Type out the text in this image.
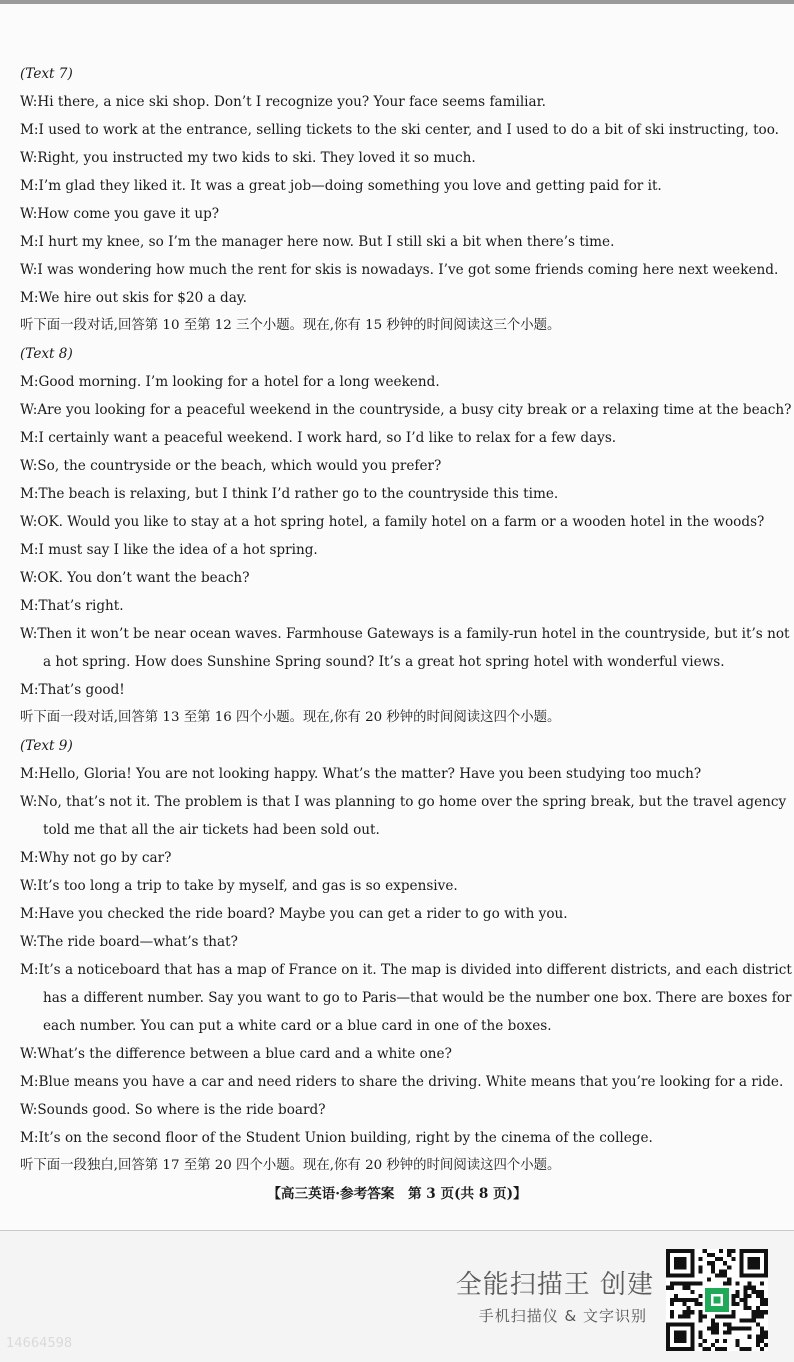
(Text 7)
W:Hi there, a nice ski shop. Don’t I recognize you? Your face seems familiar.
M:I used to work at the entrance, selling tickets to the ski center, and I used to do a bit of ski instructing, too.
W:Right, you instructed my two kids to ski. They loved it so much.
M:I’m glad they liked it. It was a great job—doing something you love and getting paid for it.
W:How come you gave it up?
M:I hurt my knee, so I’m the manager here now. But I still ski a bit when there’s time.
W:I was wondering how much the rent for skis is nowadays. I’ve got some friends coming here next weekend.
M:We hire out skis for $20 a day.
听下面一段对话,回答第 10 至第 12 三个小题。现在,你有 15 秒钟的时间阅读这三个小题。
(Text 8)
M:Good morning. I’m looking for a hotel for a long weekend.
W:Are you looking for a peaceful weekend in the countryside, a busy city break or a relaxing time at the beach?
M:I certainly want a peaceful weekend. I work hard, so I’d like to relax for a few days.
W:So, the countryside or the beach, which would you prefer?
M:The beach is relaxing, but I think I’d rather go to the countryside this time.
W:OK. Would you like to stay at a hot spring hotel, a family hotel on a farm or a wooden hotel in the woods?
M:I must say I like the idea of a hot spring.
W:OK. You don’t want the beach?
M:That’s right.
W:Then it won’t be near ocean waves. Farmhouse Gateways is a family-run hotel in the countryside, but it’s not
a hot spring. How does Sunshine Spring sound? It’s a great hot spring hotel with wonderful views.
M:That’s good!
听下面一段对话,回答第 13 至第 16 四个小题。现在,你有 20 秒钟的时间阅读这四个小题。
(Text 9)
M:Hello, Gloria! You are not looking happy. What’s the matter? Have you been studying too much?
W:No, that’s not it. The problem is that I was planning to go home over the spring break, but the travel agency
told me that all the air tickets had been sold out.
M:Why not go by car?
W:It’s too long a trip to take by myself, and gas is so expensive.
M:Have you checked the ride board? Maybe you can get a rider to go with you.
W:The ride board—what’s that?
M:It’s a noticeboard that has a map of France on it. The map is divided into different districts, and each district
has a different number. Say you want to go to Paris—that would be the number one box. There are boxes for
each number. You can put a white card or a blue card in one of the boxes.
W:What’s the difference between a blue card and a white one?
M:Blue means you have a car and need riders to share the driving. White means that you’re looking for a ride.
W:Sounds good. So where is the ride board?
M:It’s on the second floor of the Student Union building, right by the cinema of the college.
听下面一段独白,回答第 17 至第 20 四个小题。现在,你有 20 秒钟的时间阅读这四个小题。
【高三英语·参考答案　第 3 页(共 8 页)】
全能扫描王 创建
手机扫描仪 & 文字识别
14664598
